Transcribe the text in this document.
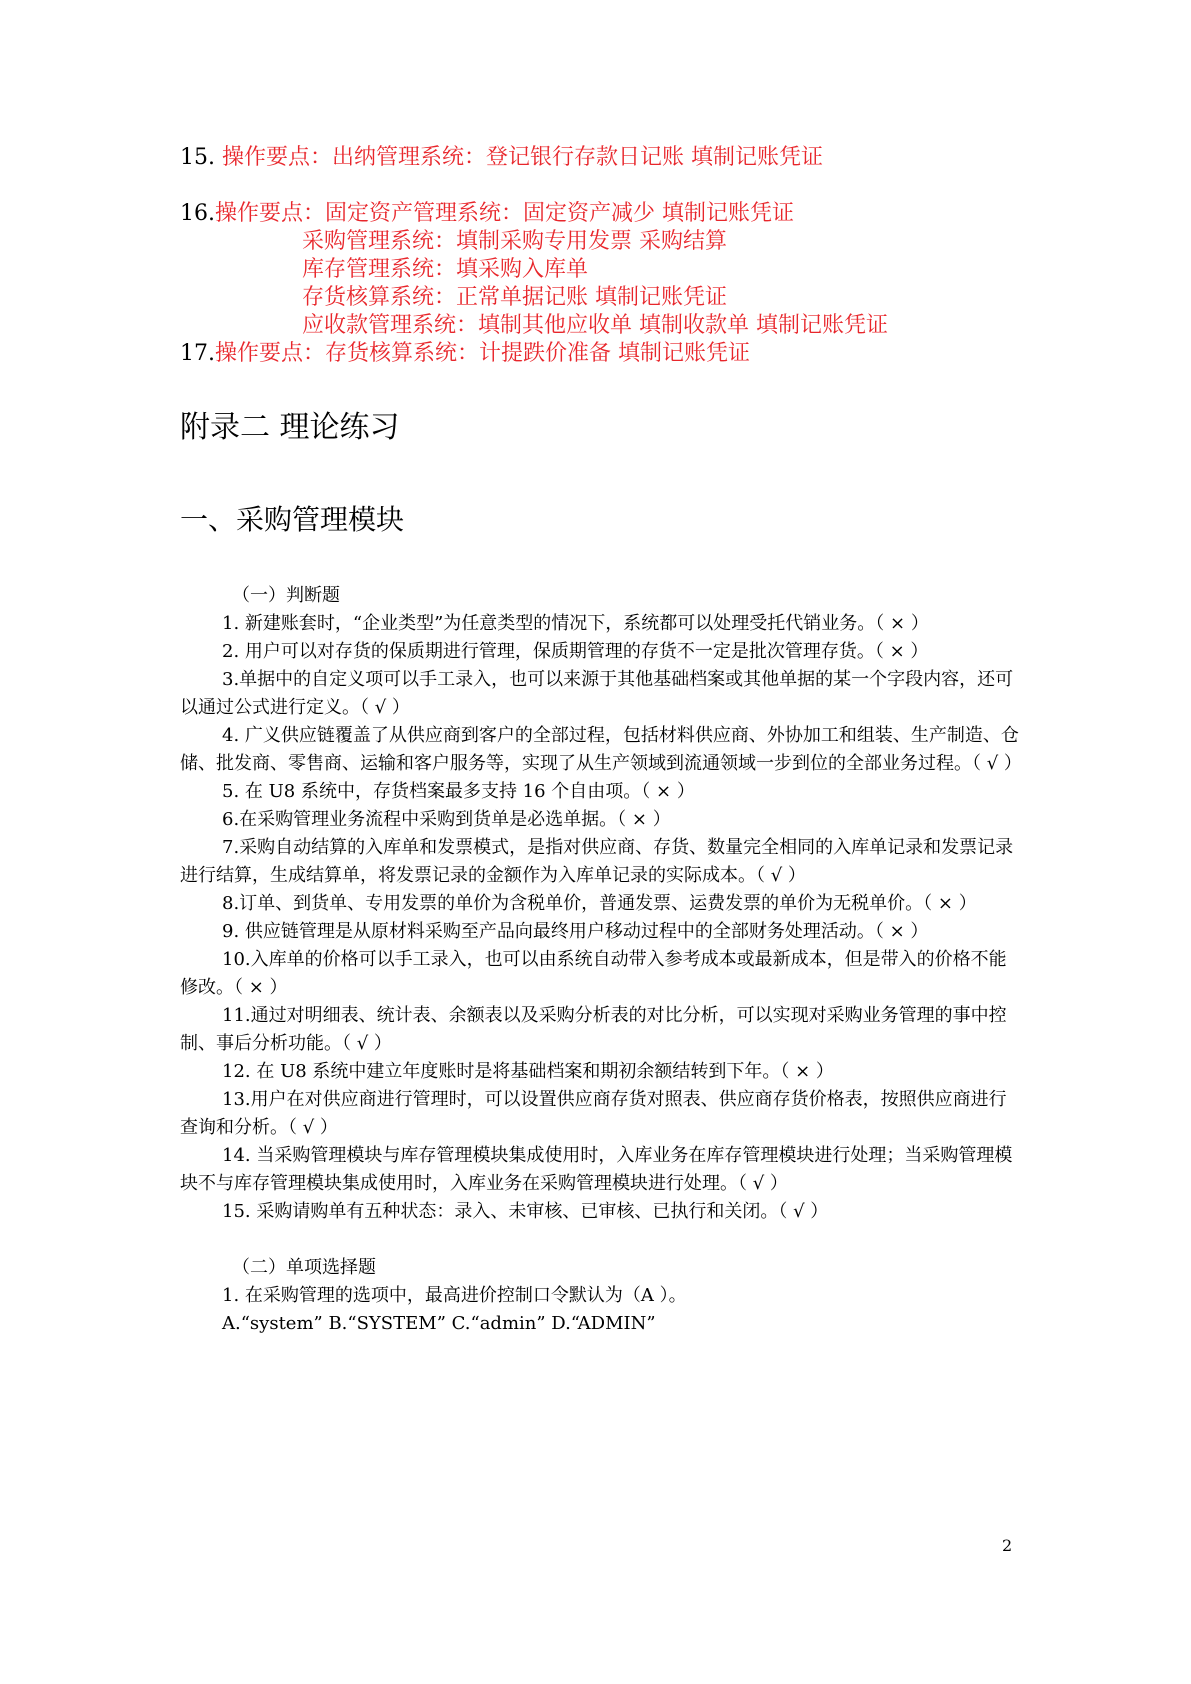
15. 操作要点：出纳管理系统：登记银行存款日记账 填制记账凭证
16.操作要点：固定资产管理系统：固定资产减少 填制记账凭证
采购管理系统：填制采购专用发票 采购结算
库存管理系统：填采购入库单
存货核算系统：正常单据记账 填制记账凭证
应收款管理系统：填制其他应收单 填制收款单 填制记账凭证
17.操作要点：存货核算系统：计提跌价准备 填制记账凭证
附录二 理论练习
一、采购管理模块

（一）判断题

1. 新建账套时，“企业类型”为任意类型的情况下，系统都可以处理受托代销业务。（ × ）

2. 用户可以对存货的保质期进行管理，保质期管理的存货不一定是批次管理存货。（ × ）

3.单据中的自定义项可以手工录入，也可以来源于其他基础档案或其他单据的某一个字段内容，还可以通过公式进行定义。（ √ ）

4. 广义供应链覆盖了从供应商到客户的全部过程，包括材料供应商、外协加工和组装、生产制造、仓储、批发商、零售商、运输和客户服务等，实现了从生产领域到流通领域一步到位的全部业务过程。（ √ ）

5. 在 U8 系统中，存货档案最多支持 16 个自由项。（ × ）

6.在采购管理业务流程中采购到货单是必选单据。（ × ）

7.采购自动结算的入库单和发票模式，是指对供应商、存货、数量完全相同的入库单记录和发票记录进行结算，生成结算单，将发票记录的金额作为入库单记录的实际成本。（ √ ）

8.订单、到货单、专用发票的单价为含税单价，普通发票、运费发票的单价为无税单价。（ × ）

9. 供应链管理是从原材料采购至产品向最终用户移动过程中的全部财务处理活动。（ × ）

10.入库单的价格可以手工录入，也可以由系统自动带入参考成本或最新成本，但是带入的价格不能修改。（ × ）

11.通过对明细表、统计表、余额表以及采购分析表的对比分析，可以实现对采购业务管理的事中控制、事后分析功能。（ √ ）

12. 在 U8 系统中建立年度账时是将基础档案和期初余额结转到下年。（ × ）

13.用户在对供应商进行管理时，可以设置供应商存货对照表、供应商存货价格表，按照供应商进行查询和分析。（ √ ）

14. 当采购管理模块与库存管理模块集成使用时，入库业务在库存管理模块进行处理；当采购管理模块不与库存管理模块集成使用时，入库业务在采购管理模块进行处理。（ √ ）

15. 采购请购单有五种状态：录入、未审核、已审核、已执行和关闭。（ √ ）

（二）单项选择题

1. 在采购管理的选项中，最高进价控制口令默认为（A ）。

A.“system” B.“SYSTEM” C.“admin” D.“ADMIN”

2
